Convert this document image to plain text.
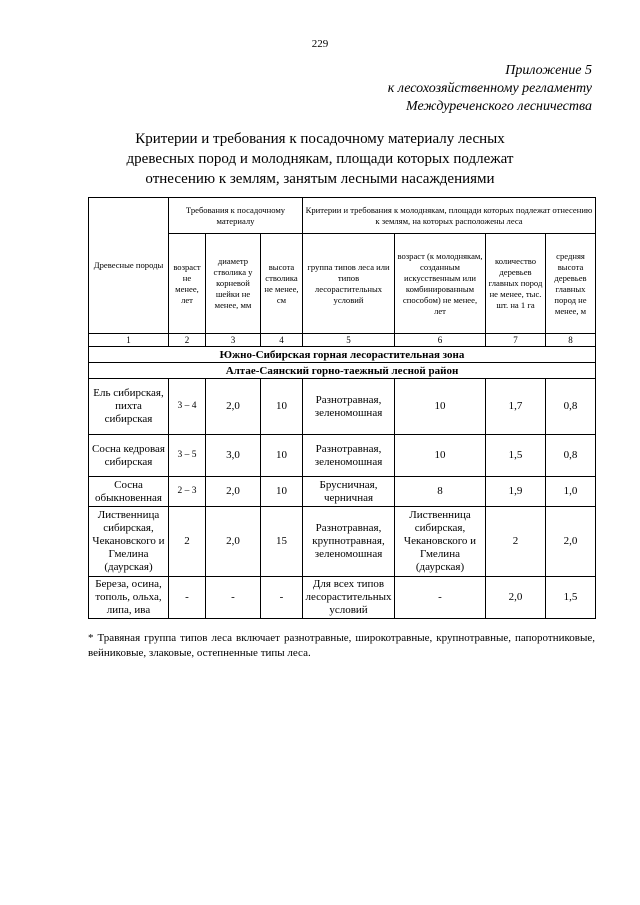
229
Приложение 5
к лесохозяйственному регламенту
Междуреченского лесничества
Критерии и требования к посадочному материалу лесных
древесных пород и молоднякам, площади которых подлежат
отнесению к землям, занятым лесными насаждениями
Древесные породы	Требования к посадочному материалу			Критерии и требования к молоднякам, площади которых подлежат отнесению к землям, на которых расположены леса			
	возраст не менее, лет	диаметр стволика у корневой шейки не менее, мм	высота стволика не менее, см	группа типов леса или типов лесорастительных условий	возраст (к молоднякам, созданным искусственным или комбинированным способом) не менее, лет	количество деревьев главных пород не менее, тыс. шт. на 1 га	средняя высота деревьев главных пород не менее, м
1	2	3	4	5	6	7	8
Южно-Сибирская горная лесорастительная зона							
Алтае-Саянский горно-таежный лесной район							
Ель сибирская, пихта сибирская	3 – 4	2,0	10	Разнотравная, зеленомошная	10	1,7	0,8
Сосна кедровая сибирская	3 – 5	3,0	10	Разнотравная, зеленомошная	10	1,5	0,8
Сосна обыкновенная	2 – 3	2,0	10	Брусничная, черничная	8	1,9	1,0
Лиственница сибирская, Чекановского и Гмелина (даурская)	2	2,0	15	Разнотравная, крупнотравная, зеленомошная	Лиственница сибирская, Чекановского и Гмелина (даурская)	2	2,0
Береза, осина, тополь, ольха, липа, ива	-	-	-	Для всех типов лесорастительных условий	-	2,0	1,5
* Травяная группа типов леса включает разнотравные, широкотравные, крупнотравные, папоротниковые, вейниковые, злаковые, остепненные типы леса.
